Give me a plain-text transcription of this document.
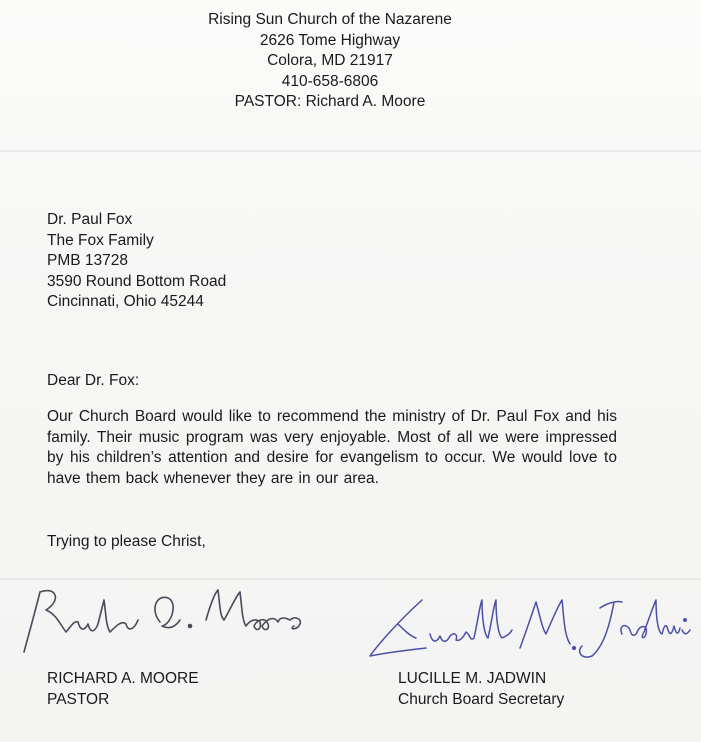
Rising Sun Church of the Nazarene
2626 Tome Highway
Colora, MD 21917
410-658-6806
PASTOR: Richard A. Moore
Dr. Paul Fox
The Fox Family
PMB 13728
3590 Round Bottom Road
Cincinnati, Ohio 45244
Dear Dr. Fox:
Our Church Board would like to recommend the ministry of Dr. Paul Fox and his family. Their music program was very enjoyable. Most of all we were impressed by his children’s attention and desire for evangelism to occur. We would love to have them back whenever they are in our area.
Trying to please Christ,
RICHARD A. MOORE
PASTOR
LUCILLE M. JADWIN
Church Board Secretary
